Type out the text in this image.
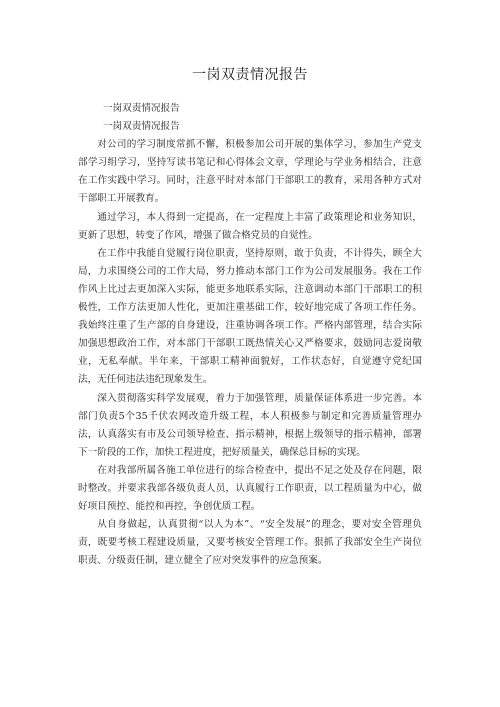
一岗双责情况报告

一岗双责情况报告

一岗双责情况报告

对公司的学习制度常抓不懈，积极参加公司开展的集体学习，参加生产党支部学习组学习，坚持写读书笔记和心得体会文章，学理论与学业务相结合，注意在工作实践中学习。同时，注意平时对本部门干部职工的教育，采用各种方式对干部职工开展教育。

通过学习，本人得到一定提高，在一定程度上丰富了政策理论和业务知识，更新了思想，转变了作风，增强了做合格党员的自觉性。

在工作中我能自觉履行岗位职责，坚持原则，敢于负责，不计得失，顾全大局，力求围绕公司的工作大局，努力推动本部门工作为公司发展服务。我在工作作风上比过去更加深入实际，能更多地联系实际，注意调动本部门干部职工的积极性，工作方法更加人性化，更加注重基础工作，较好地完成了各项工作任务。我始终注重了生产部的自身建设，注重协调各项工作。严格内部管理，结合实际加强思想政治工作，对本部门干部职工既热情关心又严格要求，鼓励同志爱岗敬业，无私奉献。半年来，干部职工精神面貌好，工作状态好，自觉遵守党纪国法，无任何违法违纪现象发生。

深入贯彻落实科学发展观，着力于加强管理，质量保证体系进一步完善。本部门负责5个35千伏农网改造升级工程，本人积极参与制定和完善质量管理办法，认真落实有市及公司领导检查、指示精神，根据上级领导的指示精神，部署下一阶段的工作，加快工程进度，把好质量关，确保总目标的实现。

在对我部所属各施工单位进行的综合检查中，提出不足之处及存在问题，限时整改。并要求我部各级负责人员，认真履行工作职责，以工程质量为中心，做好项目预控、能控和再控，争创优质工程。

从自身做起，认真贯彻“以人为本”、“安全发展”的理念，要对安全管理负责，既要考核工程建设质量，又要考核安全管理工作。狠抓了我部安全生产岗位职责、分级责任制，建立健全了应对突发事件的应急预案。
